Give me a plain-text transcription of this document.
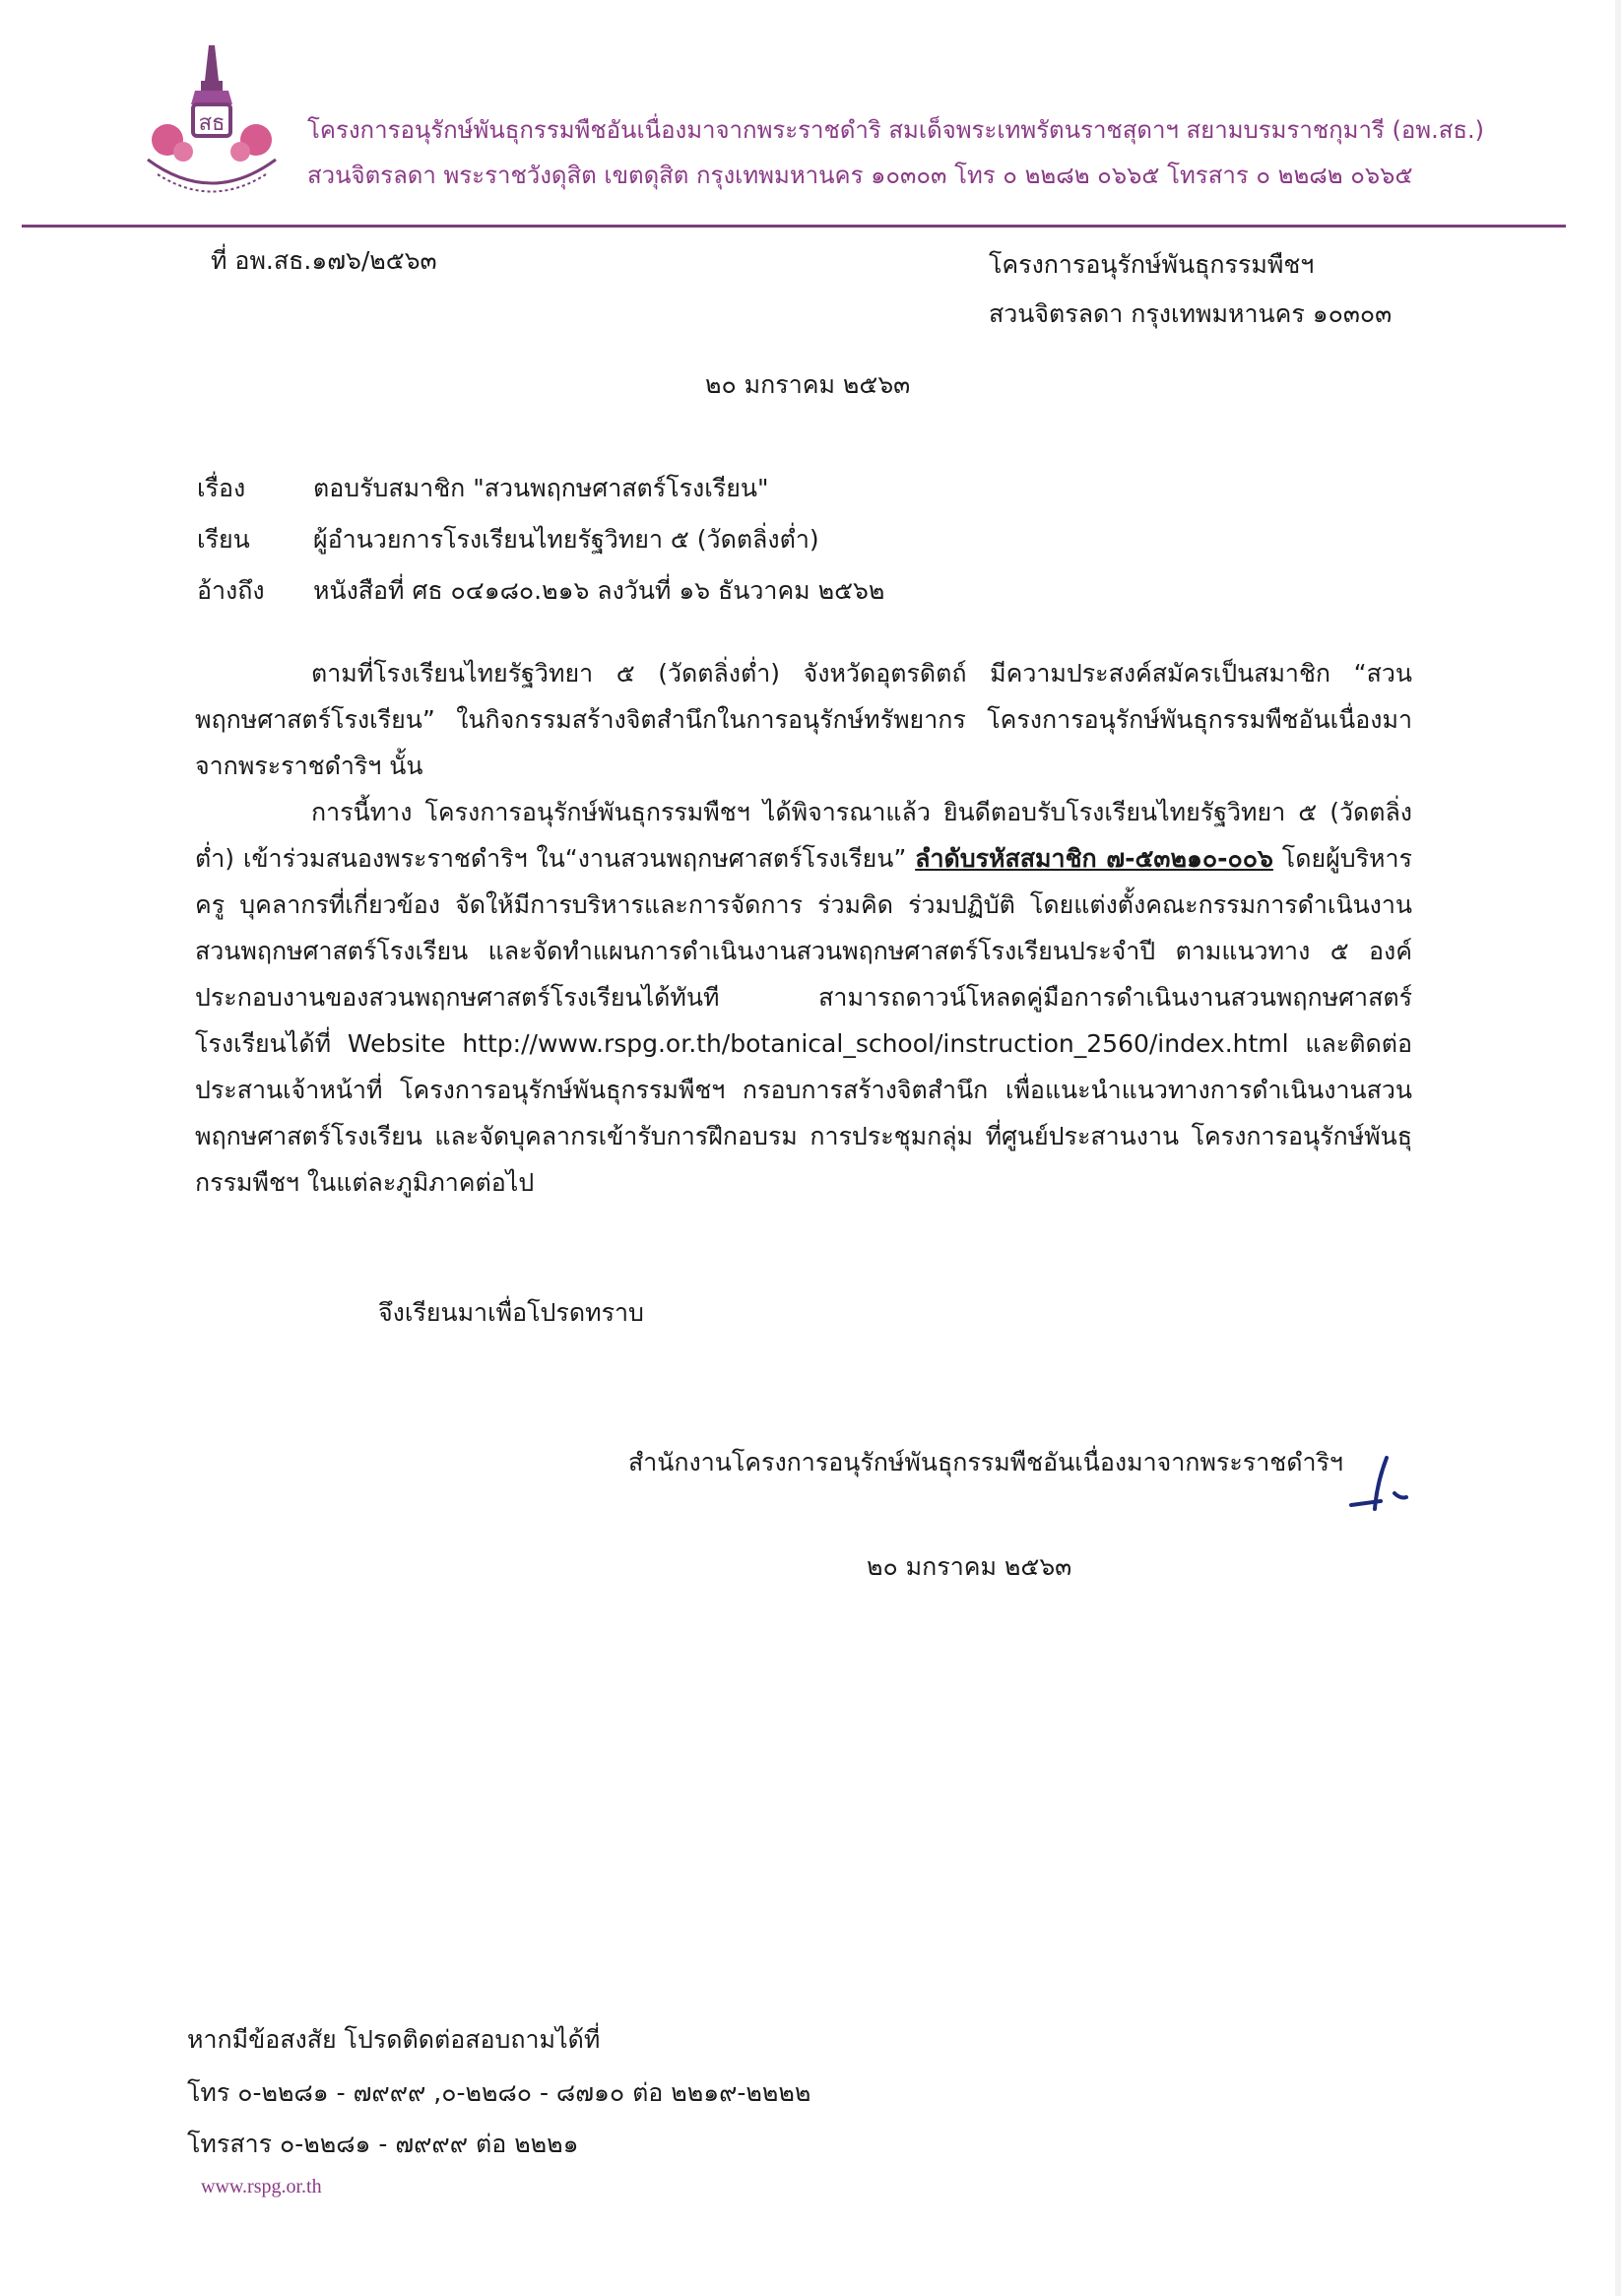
สธ	โครงการอนุรักษ์พันธุกรรมพืชอันเนื่องมาจากพระราชดำริ สมเด็จพระเทพรัตนราชสุดาฯ สยามบรมราชกุมารี (อพ.สธ.)
สวนจิตรลดา พระราชวังดุสิต เขตดุสิต กรุงเทพมหานคร ๑๐๓๐๓ โทร ๐ ๒๒๘๒ ๐๖๖๕ โทรสาร ๐ ๒๒๘๒ ๐๖๖๕
ที่ อพ.สธ.๑๗๖/๒๕๖๓	โครงการอนุรักษ์พันธุกรรมพืชฯ
สวนจิตรลดา กรุงเทพมหานคร ๑๐๓๐๓
๒๐ มกราคม ๒๕๖๓
เรื่อง	ตอบรับสมาชิก "สวนพฤกษศาสตร์โรงเรียน"
เรียน	ผู้อำนวยการโรงเรียนไทยรัฐวิทยา ๕ (วัดตลิ่งต่ำ)
อ้างถึง หนังสือที่ ศธ ๐๔๑๘๐.๒๑๖ ลงวันที่ ๑๖ ธันวาคม ๒๕๖๒

ตามที่โรงเรียนไทยรัฐวิทยา ๕ (วัดตลิ่งต่ำ) จังหวัดอุตรดิตถ์ มีความประสงค์สมัครเป็นสมาชิก “สวนพฤกษศาสตร์โรงเรียน” ในกิจกรรมสร้างจิตสำนึกในการอนุรักษ์ทรัพยากร โครงการอนุรักษ์พันธุกรรมพืชอันเนื่องมาจากพระราชดำริฯ นั้น

การนี้ทาง โครงการอนุรักษ์พันธุกรรมพืชฯ ได้พิจารณาแล้ว ยินดีตอบรับโรงเรียนไทยรัฐวิทยา ๕ (วัดตลิ่งต่ำ) เข้าร่วมสนองพระราชดำริฯ ใน“งานสวนพฤกษศาสตร์โรงเรียน” ลำดับรหัสสมาชิก ๗-๕๓๒๑๐-๐๐๖ โดยผู้บริหาร ครู บุคลากรที่เกี่ยวข้อง จัดให้มีการบริหารและการจัดการ ร่วมคิด ร่วมปฏิบัติ โดยแต่งตั้งคณะกรรมการดำเนินงานสวนพฤกษศาสตร์โรงเรียน และจัดทำแผนการดำเนินงานสวนพฤกษศาสตร์โรงเรียนประจำปี ตามแนวทาง ๕ องค์ประกอบงานของสวนพฤกษศาสตร์โรงเรียนได้ทันที สามารถดาวน์โหลดคู่มือการดำเนินงานสวนพฤกษศาสตร์โรงเรียนได้ที่ Website http://www.rspg.or.th/botanical_school/instruction_2560/index.html และติดต่อประสานเจ้าหน้าที่ โครงการอนุรักษ์พันธุกรรมพืชฯ กรอบการสร้างจิตสำนึก เพื่อแนะนำแนวทางการดำเนินงานสวนพฤกษศาสตร์โรงเรียน และจัดบุคลากรเข้ารับการฝึกอบรม การประชุมกลุ่ม ที่ศูนย์ประสานงาน โครงการอนุรักษ์พันธุกรรมพืชฯ ในแต่ละภูมิภาคต่อไป

จึงเรียนมาเพื่อโปรดทราบ
สำนักงานโครงการอนุรักษ์พันธุกรรมพืชอันเนื่องมาจากพระราชดำริฯ
๒๐ มกราคม ๒๕๖๓
หากมีข้อสงสัย โปรดติดต่อสอบถามได้ที่
โทร ๐-๒๒๘๑ - ๗๙๙๙ ,๐-๒๒๘๐ - ๘๗๑๐ ต่อ ๒๒๑๙-๒๒๒๒
โทรสาร ๐-๒๒๘๑ - ๗๙๙๙ ต่อ ๒๒๒๑
www.rspg.or.th
